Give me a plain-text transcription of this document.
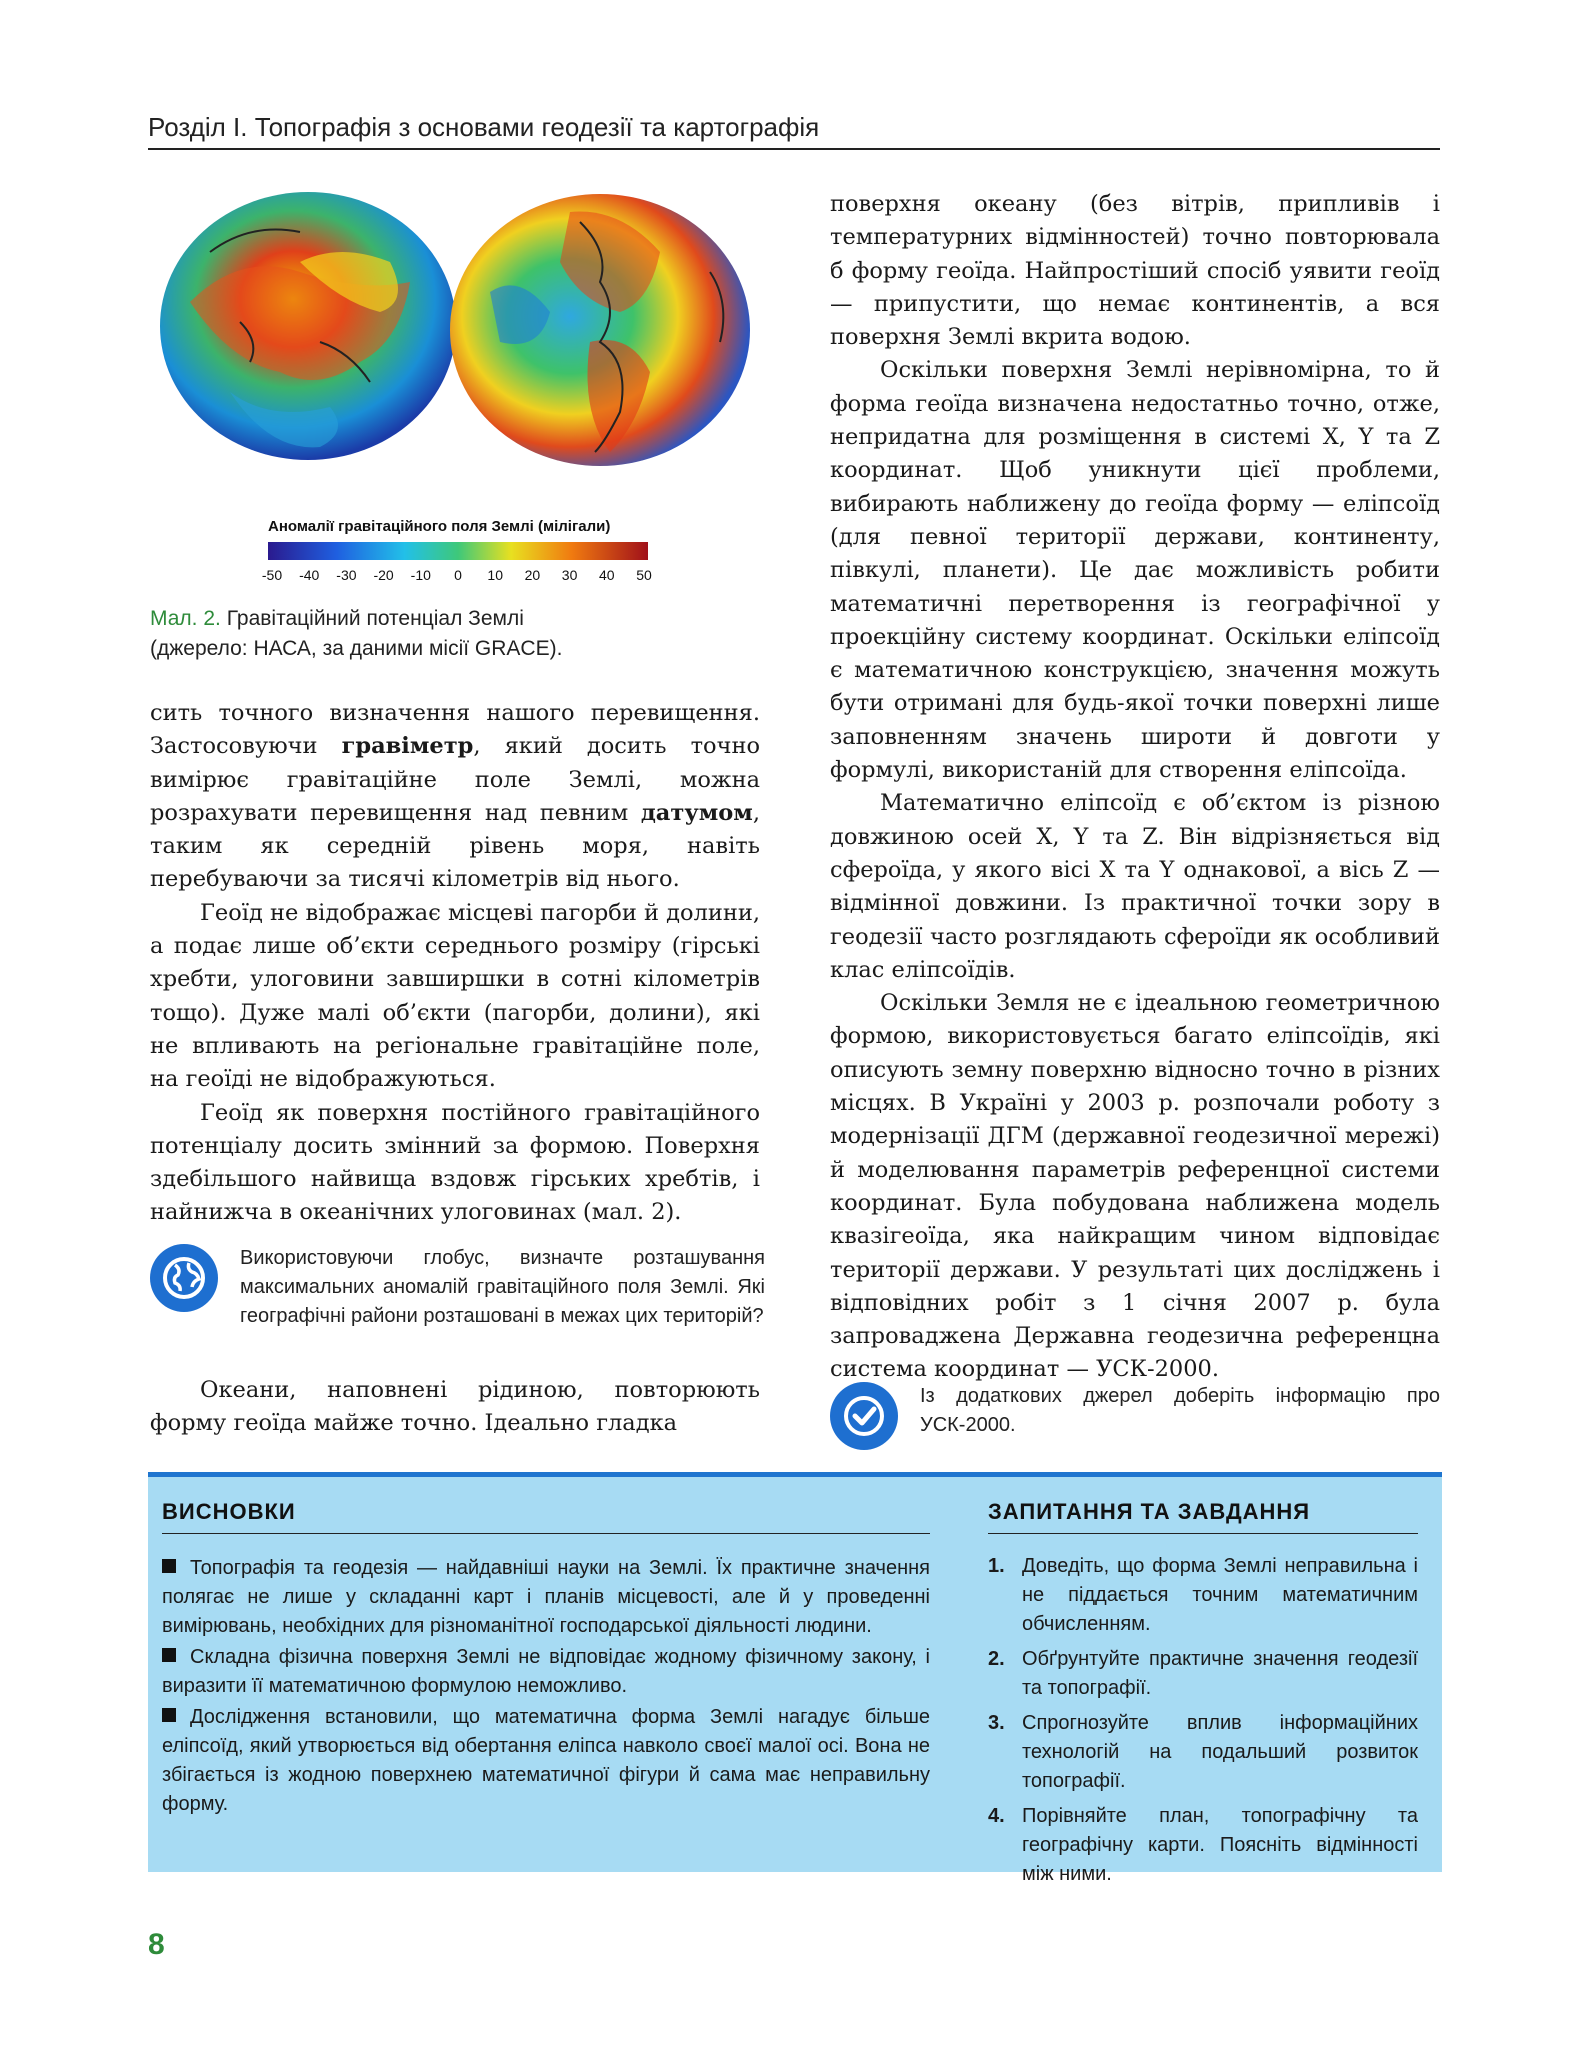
Розділ I. Топографія з основами геодезії та картографія
Аномалії гравітаційного поля Землі (мілігали)
-50 -40 -30 -20 -10 0 10 20 30 40 50
Мал. 2. Гравітаційний потенціал Землі
(джерело: НАСА, за даними місії GRACE).

сить точного визначення нашого перевищення. Застосовуючи гравіметр, який досить точно вимірює гравітаційне поле Землі, можна розрахувати перевищення над певним датумом, таким як середній рівень моря, навіть перебуваючи за тисячі кілометрів від нього.

Геоїд не відображає місцеві пагорби й долини, а подає лише об’єкти середнього розміру (гірські хребти, улоговини завширшки в сотні кілометрів тощо). Дуже малі об’єкти (пагорби, долини), які не впливають на регіональне гравітаційне поле, на геоїді не відображуються.

Геоїд як поверхня постійного гравітаційного потенціалу досить змінний за формою. Поверхня здебільшого найвища вздовж гірських хребтів, і найнижча в океанічних улоговинах (мал. 2).

Використовуючи глобус, визначте розташування максимальних аномалій гравітаційного поля Землі. Які географічні райони розташовані в межах цих територій?

Океани, наповнені рідиною, повторюють форму геоїда майже точно. Ідеально гладка

поверхня океану (без вітрів, припливів і температурних відмінностей) точно повторювала б форму геоїда. Найпростіший спосіб уявити геоїд — припустити, що немає континентів, а вся поверхня Землі вкрита водою.

Оскільки поверхня Землі нерівномірна, то й форма геоїда визначена недостатньо точно, отже, непридатна для розміщення в системі X, Y та Z координат. Щоб уникнути цієї проблеми, вибирають наближену до геоїда форму — еліпсоїд (для певної території держави, континенту, півкулі, планети). Це дає можливість робити математичні перетворення із географічної у проекційну систему координат. Оскільки еліпсоїд є математичною конструкцією, значення можуть бути отримані для будь-якої точки поверхні лише заповненням значень широти й довготи у формулі, використаній для створення еліпсоїда.

Математично еліпсоїд є об’єктом із різною довжиною осей X, Y та Z. Він відрізняється від сфероїда, у якого вісі X та Y однакової, а вісь Z — відмінної довжини. Із практичної точки зору в геодезії часто розглядають сфероїди як особливий клас еліпсоїдів.

Оскільки Земля не є ідеальною геометричною формою, використовується багато еліпсоїдів, які описують земну поверхню відносно точно в різних місцях. В Україні у 2003 р. розпочали роботу з модернізації ДГМ (державної геодезичної мережі) й моделювання параметрів референцної системи координат. Була побудована наближена модель квазігеоїда, яка найкращим чином відповідає території держави. У результаті цих досліджень і відповідних робіт з 1 січня 2007 р. була запроваджена Державна геодезична референцна система координат — УСК-2000.

Із додаткових джерел доберіть інформацію про УСК-2000.
ВИСНОВКИ
Топографія та геодезія — найдавніші науки на Землі. Їх практичне значення полягає не лише у складанні карт і планів місцевості, але й у проведенні вимірювань, необхідних для різноманітної господарської діяльності людини.
Складна фізична поверхня Землі не відповідає жодному фізичному закону, і виразити її математичною формулою неможливо.
Дослідження встановили, що математична форма Землі нагадує більше еліпсоїд, який утворюється від обертання еліпса навколо своєї малої осі. Вона не збігається із жодною поверхнею математичної фігури й сама має неправильну форму.
ЗАПИТАННЯ ТА ЗАВДАННЯ
1. Доведіть, що форма Землі неправильна і не піддається точним математичним обчисленням.
2. Обґрунтуйте практичне значення геодезії та топографії.
3. Спрогнозуйте вплив інформаційних технологій на подальший розвиток топографії.
4. Порівняйте план, топографічну та географічну карти. Поясніть відмінності між ними.
8
